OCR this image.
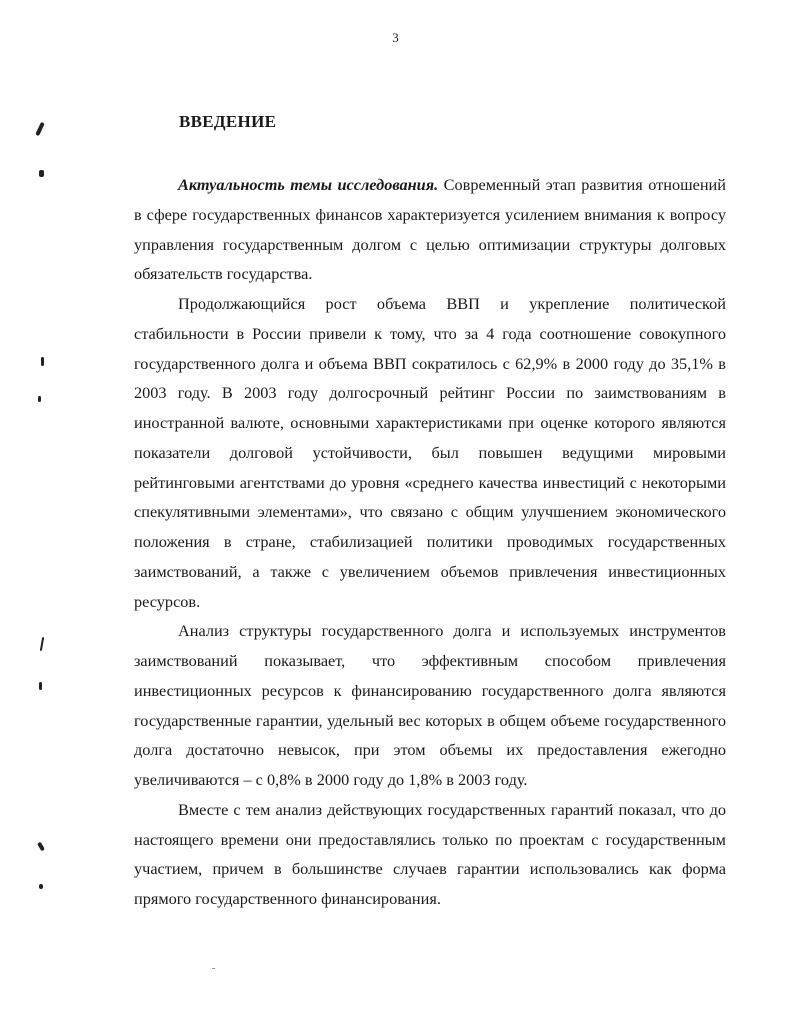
3
ВВЕДЕНИЕ

Актуальность темы исследования. Современный этап развития отношений в сфере государственных финансов характеризуется усилением внимания к вопросу управления государственным долгом с целью оптимизации структуры долговых обязательств государства.

Продолжающийся рост объема ВВП и укрепление политической стабильности в России привели к тому, что за 4 года соотношение совокупного государственного долга и объема ВВП сократилось с 62,9% в 2000 году до 35,1% в 2003 году. В 2003 году долгосрочный рейтинг России по заимствованиям в иностранной валюте, основными характеристиками при оценке которого являются показатели долговой устойчивости, был повышен ведущими мировыми рейтинговыми агентствами до уровня «среднего качества инвестиций с некоторыми спекулятивными элементами», что связано с общим улучшением экономического положения в стране, стабилизацией политики проводимых государственных заимствований, а также с увеличением объемов привлечения инвестиционных ресурсов.

Анализ структуры государственного долга и используемых инструментов заимствований показывает, что эффективным способом привлечения инвестиционных ресурсов к финансированию государственного долга являются государственные гарантии, удельный вес которых в общем объеме государственного долга достаточно невысок, при этом объемы их предоставления ежегодно увеличиваются – с 0,8% в 2000 году до 1,8% в 2003 году.

Вместе с тем анализ действующих государственных гарантий показал, что до настоящего времени они предоставлялись только по проектам с государственным участием, причем в большинстве случаев гарантии использовались как форма прямого государственного финансирования.
